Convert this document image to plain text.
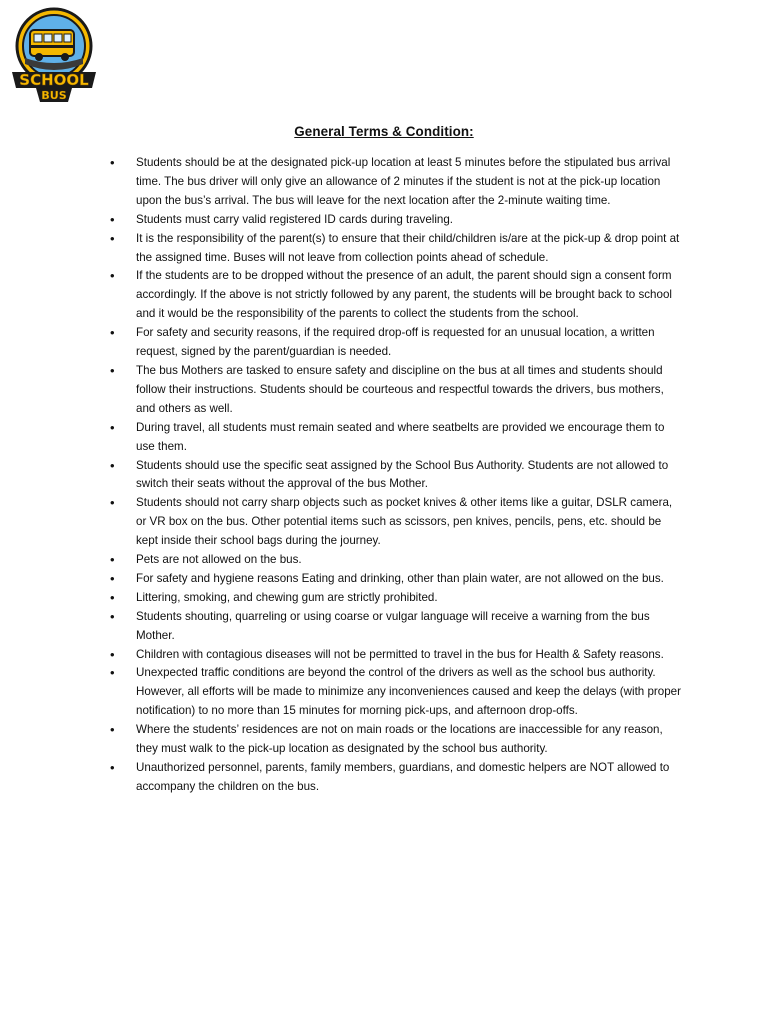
SCHOOL
BUS
General Terms & Condition:
• Students should be at the designated pick-up location at least 5 minutes before the stipulated bus arrival time. The bus driver will only give an allowance of 2 minutes if the student is not at the pick-up location upon the bus’s arrival. The bus will leave for the next location after the 2-minute waiting time.
• Students must carry valid registered ID cards during traveling.
• It is the responsibility of the parent(s) to ensure that their child/children is/are at the pick-up & drop point at the assigned time. Buses will not leave from collection points ahead of schedule.
• If the students are to be dropped without the presence of an adult, the parent should sign a consent form accordingly. If the above is not strictly followed by any parent, the students will be brought back to school and it would be the responsibility of the parents to collect the students from the school.
• For safety and security reasons, if the required drop-off is requested for an unusual location, a written request, signed by the parent/guardian is needed.
• The bus Mothers are tasked to ensure safety and discipline on the bus at all times and students should follow their instructions. Students should be courteous and respectful towards the drivers, bus mothers, and others as well.
• During travel, all students must remain seated and where seatbelts are provided we encourage them to use them.
• Students should use the specific seat assigned by the School Bus Authority. Students are not allowed to switch their seats without the approval of the bus Mother.
• Students should not carry sharp objects such as pocket knives & other items like a guitar, DSLR camera, or VR box on the bus. Other potential items such as scissors, pen knives, pencils, pens, etc. should be kept inside their school bags during the journey.
• Pets are not allowed on the bus.
• For safety and hygiene reasons Eating and drinking, other than plain water, are not allowed on the bus.
• Littering, smoking, and chewing gum are strictly prohibited.
• Students shouting, quarreling or using coarse or vulgar language will receive a warning from the bus Mother.
• Children with contagious diseases will not be permitted to travel in the bus for Health & Safety reasons.
• Unexpected traffic conditions are beyond the control of the drivers as well as the school bus authority. However, all efforts will be made to minimize any inconveniences caused and keep the delays (with proper notification) to no more than 15 minutes for morning pick-ups, and afternoon drop-offs.
• Where the students’ residences are not on main roads or the locations are inaccessible for any reason, they must walk to the pick-up location as designated by the school bus authority.
• Unauthorized personnel, parents, family members, guardians, and domestic helpers are NOT allowed to accompany the children on the bus.
